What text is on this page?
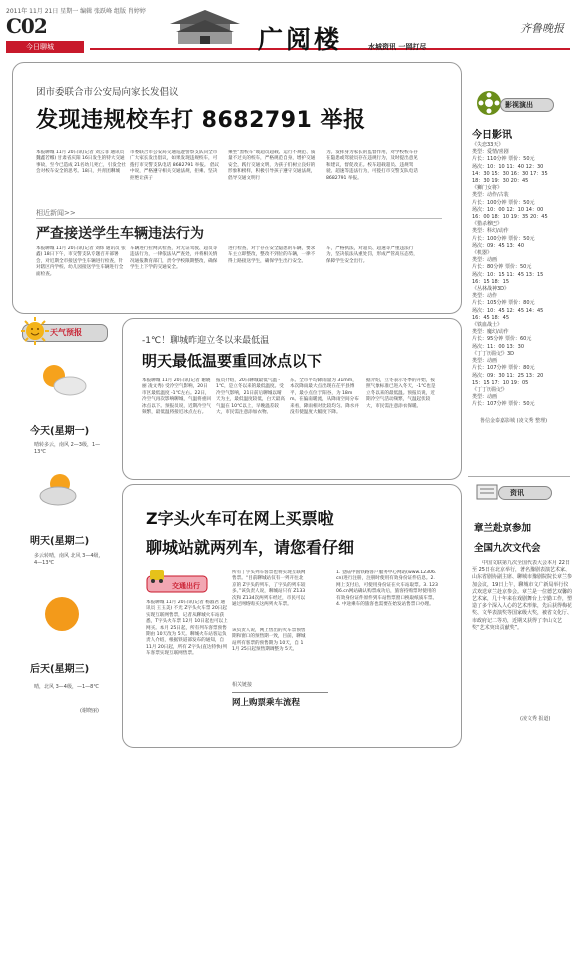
2011年 11月 21日 星期一 编辑 张跃峰 组版 肖婷婷
C02
今日聊城	广阅楼	水城资讯 一网打尽
齐鲁晚报
团市委联合市公安局向家长发倡议
发现违规校车打 8682791 举报
本报聊城 11月 20日讯(记者 刘云菲 通讯员 魏鑫若娜) 甘肃省庆阳 16日发生的特大交通事故，至今已造成 21名幼儿死亡，引发全社会对校车安全的思考。18日，共青团聊城
市委联合市公安局交通巡逻警察支队向全市广大家长发出倡议，如果发现违规校车，可拨打市交警支队电话 8682791 举报。 倡议中说，严格遵守相关交通法规，拒乘、坚决拒绝让孩子
乘坐“黑校车”或超员超载、运行不规范、质量不过关的校车，严格规范自身，增护交通安全，践行交通文明，为孩子们树立良好的形象和榜样，积极引导孩子遵守交通法规，倡导交通文明行
为。发挥身为家长的监督作用，对学校校车存在隐患或驾驶员存在违规行为，及时提出意见和建议，督促改正。校车超载超员、违规驾驶、超速等违法行为，可拨打市交警支队电话 8682791 举报。
相近新闻>>
严查接送学生车辆违法行为
本报聊城 11月 20日讯(记者 刘炜 通讯员 张鑫) 18日下午，市交警支队专题召开部署会，对近期全市接送学生车辆进行检查，针对辖区内学校、幼儿园接送学生车辆进行全面检查。
车辆进行拉网式检查，对无证驾驶、超员等违法行为，一律依法从严查处，并将相关情况通报教育部门，责令学校限期整改，确保学生上下学的交通安全。
进行检查，对于存在安全隐患的车辆，要求车主立即整改，整改不到位的车辆，一律不得上路接送学生，确保学生出行安全。
车，严格执法，对超员、超速等严重违法行为，坚决依法从重处罚，形成严管高压态势，保障学生安全出行。
天气预报
今天(星期一)
晴转多云，南风 2—3级，1—13℃
明天(星期二)
多云转晴，南风 北风 3—4级，4—13℃
后天(星期三)
晴，北风 3—4级，—1—8℃
(谢晓丽)
-1℃！聊城昨迎立冬以来最低温
明天最低温要重回冰点以下
本报聊城 11月 20日讯(记者 谢晓丽 凌文秀) 受冷空气影响，20日市区最低温度 -1℃左右。22日，冷空气再次影响聊城，气温将重回冰点以下。预报员说，近期冷空气频繁，最低温将接近冰点左右。
报员介绍，20日聊城最低气温 -1℃，是立冬以来的最低温度。受冷空气影响，21日前后聊城以晴天为主，最低温度较低，白天最高气温在 10℃以上，早晚温差较大，市民需注意添加衣物。
东、全市平均降雨量为 31mm，本次降雨最大点出现在茌平县博平，最小点位于阳谷，为 18mm。在偏南暖流，从降雨空间分布来看，降雨相对比较均匀。降水并没有使温度大幅度下降。
据介绍，立冬表示冬季的开始，按照气象标准已进入冬天，-1℃也是立冬以来的最低温。预报员说，近期冷空气活动频繁，气温起伏较大，市民需注意添衣保暖。
Z字头火车可在网上买票啦
聊城站就两列车，请您看仔细
交通出行
本报聊城 11月 20日讯(记者 杨淑君 通讯员 王玉美) 不光 Z字头火车票 20日起实现互联网售票，记者从聊城火车站获悉，T字头火车票 12月 10日起也可以上网买。本月 25日起，所有列车客票预售期由 10天改为 5天。聊城火车站客运负责人介绍，根据铁道部发布的通知，自 11月 20日起，所有 Z字头(直达特快)列车客票实现互联网售票。
所有丁字头列车客票也将实现互联网售票。“目前聊城站仅有一列开往北京的 Z字头的列车，了字头的列车较多。”该负责人说，聊城站只有 Z133次和 Z134次两列车经过，市民可以通过网络购买这两列火车票。
该负责人说，网上售出的火车票预售期和窗口的预售期一致，目前，聊城站所有客票的预售期为 10天，自 11月 25日起预售期调整为 5天。
1. 登陆中国铁路客户服务中心网站(www.12306.cn)进行注册，注册时使用有效身份证件信息。2. 网上支付后，可使用身份证在火车站取票。3. 12306.cn网站确认购票成功后，旅客持购票时使用的有效身份证件原件到车站售票窗口换取纸质车票。4. 中途乘车的旅客也需要在始发站售票口办理。
相关链接
网上购票乘车流程
影视演出
今日影讯
《失恋33天》
类型：爱情/喜剧
片长：110分钟 票价：50元
场次：10：10 11：40 12：30
14：30 15：30 16：30 17：35
18：30 19：30 20：45
《狮门女将》
类型：动作/古装
片长：100分钟 票价：50元
场次：10：00 12：10 14：00
16：00 18：10 19：35 20：45
《猎杀穆巴》
类型：科幻/动作
片长：100分钟 票价：50元
场次：09：45 13：40
《机器》
类型：动画
片长：80分钟 票价：50元
场次：10：15 11：45 13：15
16：15 18：15
《丛林战神3D》
类型：动作
片长：105分钟 票价：80元
场次：10：45 12：45 14：45
16：45 18：45
《铁血战士》
类型：魔幻/动作
片长：95分钟 票价：60元
场次：11：00 13：30
《丁丁历险记》3D
类型：动画
片长：107分钟 票价：80元
场次：09：30 11：25 13：20
15：15 17：10 19：05
《丁丁历险记》
类型：动画
片长：107分钟 票价：50元
鲁信金泰嘉影城 (凌文秀 整理)
资讯
章兰赴京参加
全国九次文代会
中国文联第九次全国代表大会本月 22日至 25日在北京举行，著名豫剧表演艺术家、山东省剧协副主席、聊城市豫剧院院长章兰参加会议，19日上午，聊城市文广新局举行仪式欢送章兰赴京参会。章兰是一位德艺双馨的艺术家，几十年来在戏剧舞台上辛勤工作，塑造了多个深入人心的艺术形象，先后获得梅花奖、文华表演奖等国家级大奖，被省文化厅、市政府记二等功，近期又获得了李山文艺奖“艺术突出贡献奖”。
(凌文秀 报道)
